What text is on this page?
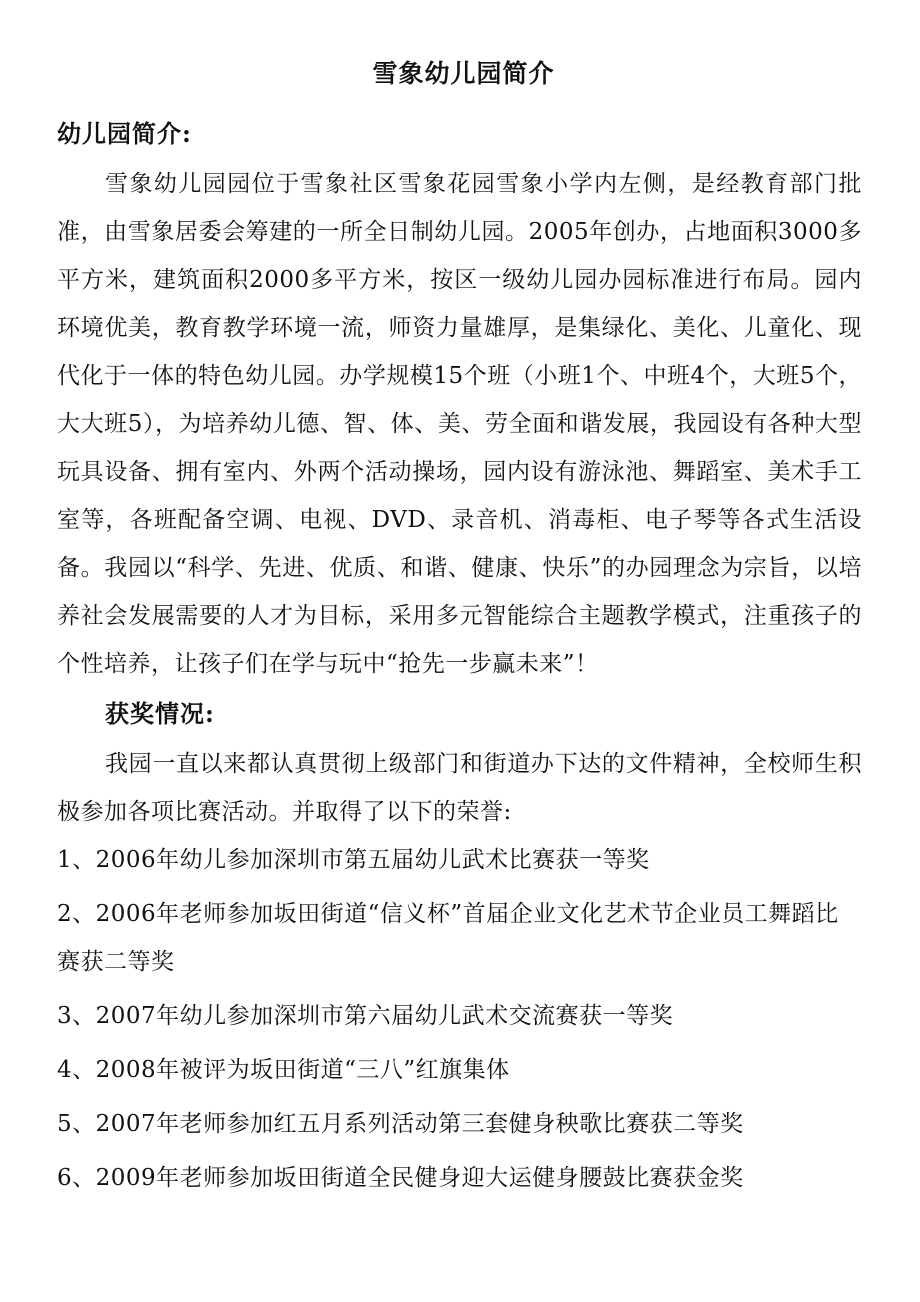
雪象幼儿园简介
幼儿园简介:

雪象幼儿园园位于雪象社区雪象花园雪象小学内左侧，是经教育部门批准，由雪象居委会筹建的一所全日制幼儿园。2005年创办，占地面积3000多平方米，建筑面积2000多平方米，按区一级幼儿园办园标准进行布局。园内环境优美，教育教学环境一流，师资力量雄厚，是集绿化、美化、儿童化、现代化于一体的特色幼儿园。办学规模15个班（小班1个、中班4个，大班5个，大大班5），为培养幼儿德、智、体、美、劳全面和谐发展，我园设有各种大型玩具设备、拥有室内、外两个活动操场，园内设有游泳池、舞蹈室、美术手工室等，各班配备空调、电视、DVD、录音机、消毒柜、电子琴等各式生活设备。我园以“科学、先进、优质、和谐、健康、快乐”的办园理念为宗旨，以培养社会发展需要的人才为目标，采用多元智能综合主题教学模式，注重孩子的个性培养，让孩子们在学与玩中“抢先一步赢未来”！

获奖情况:

我园一直以来都认真贯彻上级部门和街道办下达的文件精神，全校师生积极参加各项比赛活动。并取得了以下的荣誉:

1、2006年幼儿参加深圳市第五届幼儿武术比赛获一等奖
2、2006年老师参加坂田街道“信义杯”首届企业文化艺术节企业员工舞蹈比赛获二等奖
3、2007年幼儿参加深圳市第六届幼儿武术交流赛获一等奖
4、2008年被评为坂田街道“三八”红旗集体
5、2007年老师参加红五月系列活动第三套健身秧歌比赛获二等奖
6、2009年老师参加坂田街道全民健身迎大运健身腰鼓比赛获金奖
